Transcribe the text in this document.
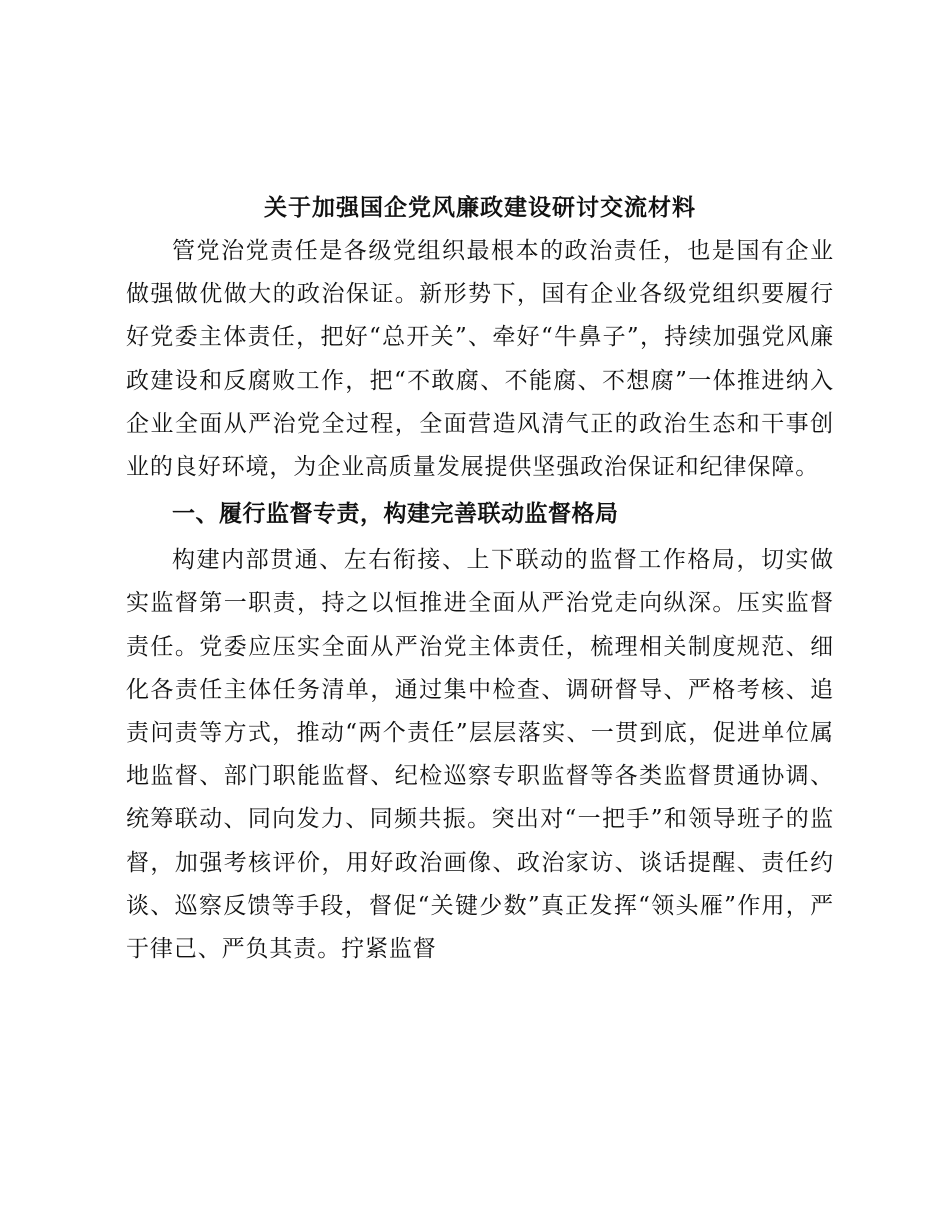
关于加强国企党风廉政建设研讨交流材料

管党治党责任是各级党组织最根本的政治责任，也是国有企业做强做优做大的政治保证。新形势下，国有企业各级党组织要履行好党委主体责任，把好“总开关”、牵好“牛鼻子”，持续加强党风廉政建设和反腐败工作，把“不敢腐、不能腐、不想腐”一体推进纳入企业全面从严治党全过程，全面营造风清气正的政治生态和干事创业的良好环境，为企业高质量发展提供坚强政治保证和纪律保障。

一、履行监督专责，构建完善联动监督格局

构建内部贯通、左右衔接、上下联动的监督工作格局，切实做实监督第一职责，持之以恒推进全面从严治党走向纵深。压实监督责任。党委应压实全面从严治党主体责任，梳理相关制度规范、细化各责任主体任务清单，通过集中检查、调研督导、严格考核、追责问责等方式，推动“两个责任”层层落实、一贯到底，促进单位属地监督、部门职能监督、纪检巡察专职监督等各类监督贯通协调、统筹联动、同向发力、同频共振。突出对“一把手”和领导班子的监督，加强考核评价，用好政治画像、政治家访、谈话提醒、责任约谈、巡察反馈等手段，督促“关键少数”真正发挥“领头雁”作用，严于律己、严负其责。拧紧监督
